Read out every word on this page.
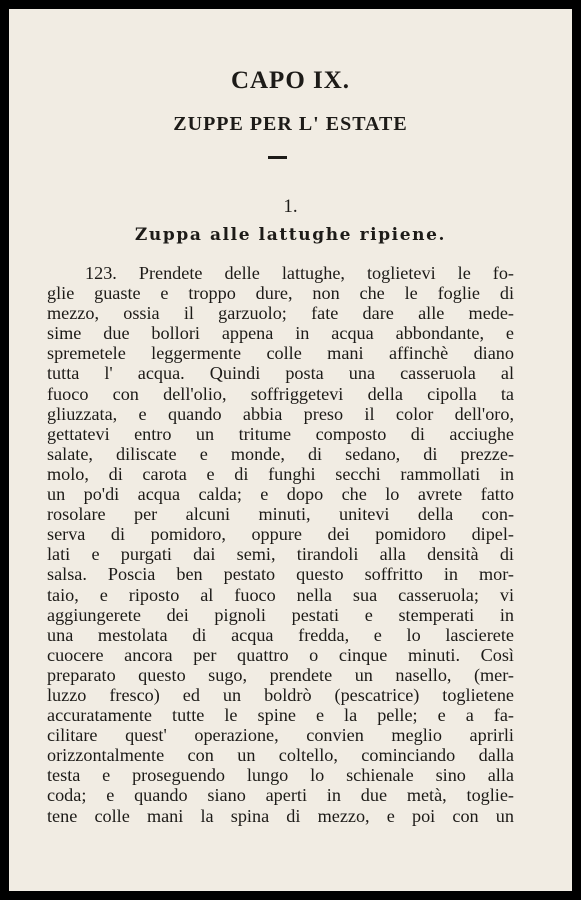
CAPO IX.
ZUPPE PER L' ESTATE
1.
Zuppa alle lattughe ripiene.
123. Prendete delle lattughe, toglietevi le fo-
glie guaste e troppo dure, non che le foglie di
mezzo, ossia il garzuolo; fate dare alle mede-
sime due bollori appena in acqua abbondante, e
spremetele leggermente colle mani affinchè diano
tutta l' acqua. Quindi posta una casseruola al
fuoco con dell'olio, soffriggetevi della cipolla ta
gliuzzata, e quando abbia preso il color dell'oro,
gettatevi entro un tritume composto di acciughe
salate, diliscate e monde, di sedano, di prezze-
molo, di carota e di funghi secchi rammollati in
un po'di acqua calda; e dopo che lo avrete fatto
rosolare per alcuni minuti, unitevi della con-
serva di pomidoro, oppure dei pomidoro dipel-
lati e purgati dai semi, tirandoli alla densità di
salsa. Poscia ben pestato questo soffritto in mor-
taio, e riposto al fuoco nella sua casseruola; vi
aggiungerete dei pignoli pestati e stemperati in
una mestolata di acqua fredda, e lo lascierete
cuocere ancora per quattro o cinque minuti. Così
preparato questo sugo, prendete un nasello, (mer-
luzzo fresco) ed un boldrò (pescatrice) toglietene
accuratamente tutte le spine e la pelle; e a fa-
cilitare quest' operazione, convien meglio aprirli
orizzontalmente con un coltello, cominciando dalla
testa e proseguendo lungo lo schienale sino alla
coda; e quando siano aperti in due metà, toglie-
tene colle mani la spina di mezzo, e poi con un
